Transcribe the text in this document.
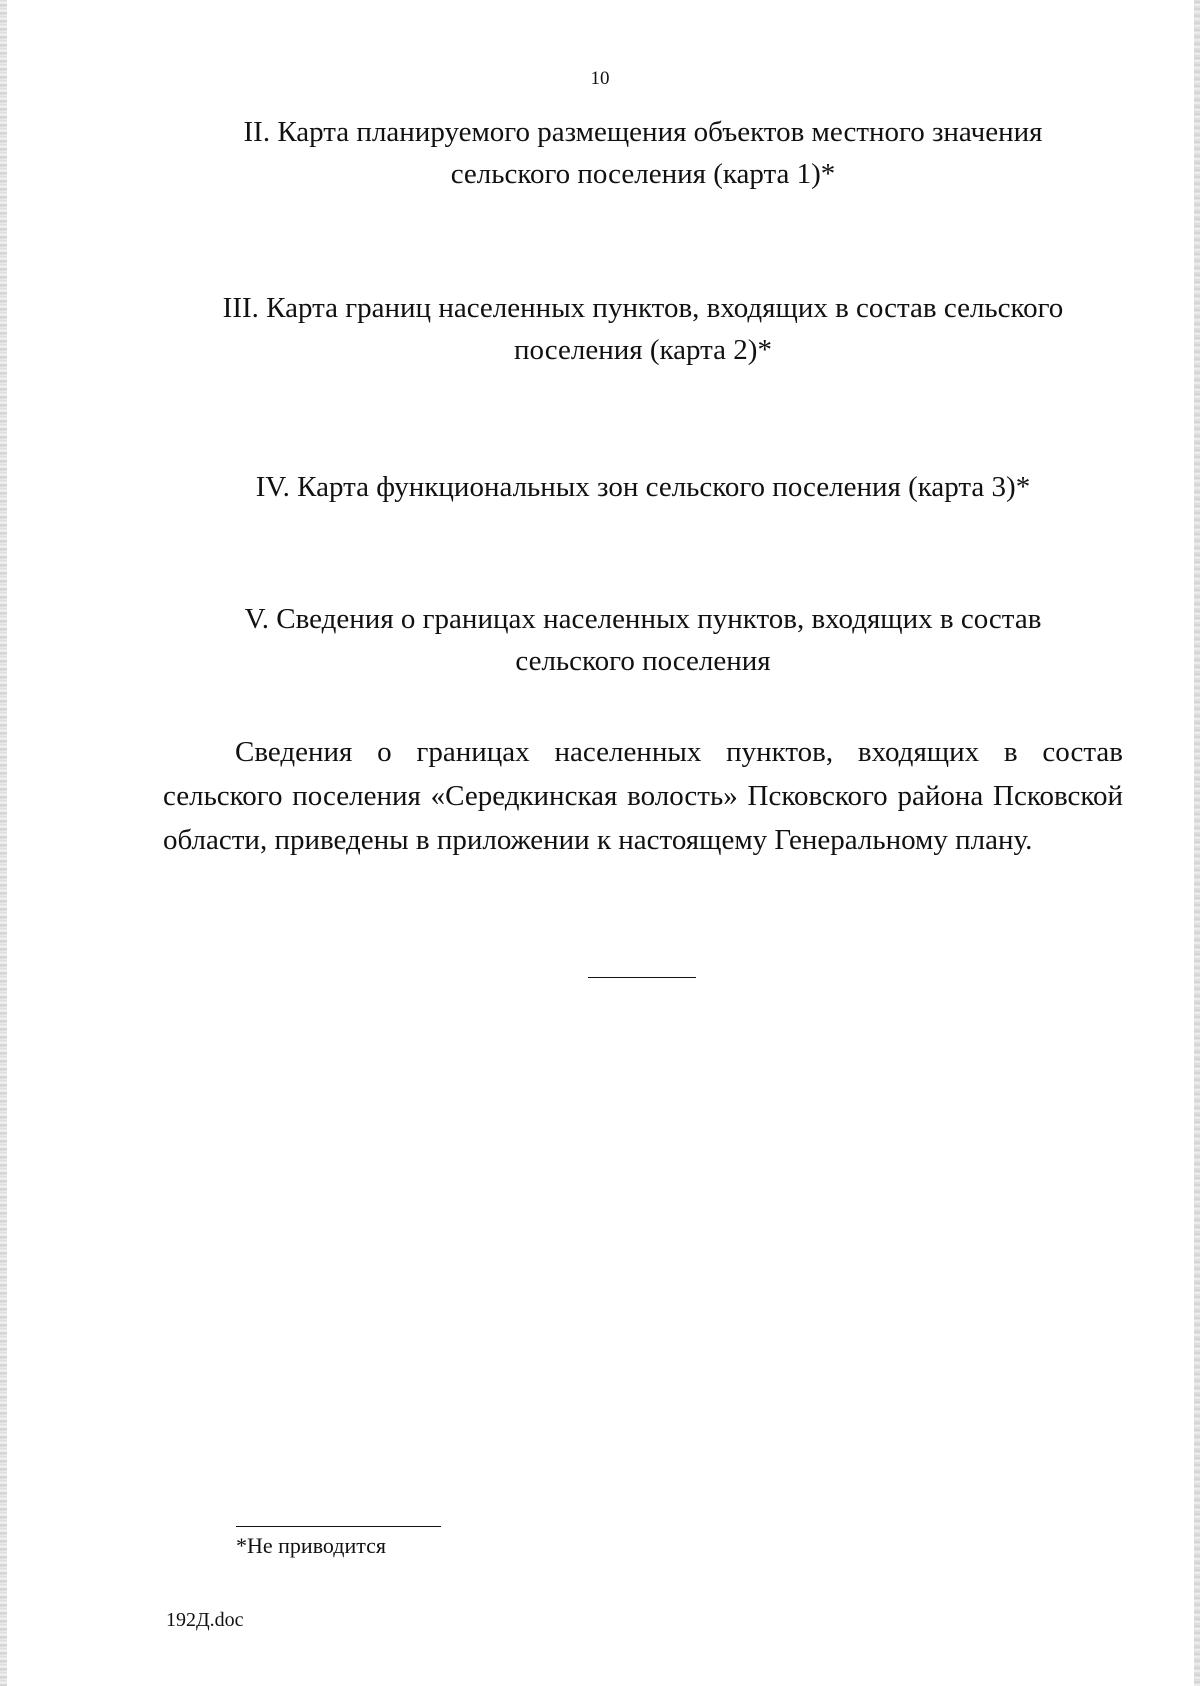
10
II. Карта планируемого размещения объектов местного значения
сельского поселения (карта 1)*
III. Карта границ населенных пунктов, входящих в состав сельского
поселения (карта 2)*
IV. Карта функциональных зон сельского поселения (карта 3)*
V. Сведения о границах населенных пунктов, входящих в состав
сельского поселения

Сведения о границах населенных пунктов, входящих в состав сельского поселения «Середкинская волость» Псковского района Псковской области, приведены в приложении к настоящему Генеральному плану.

*Не приводится
192Д.doc
